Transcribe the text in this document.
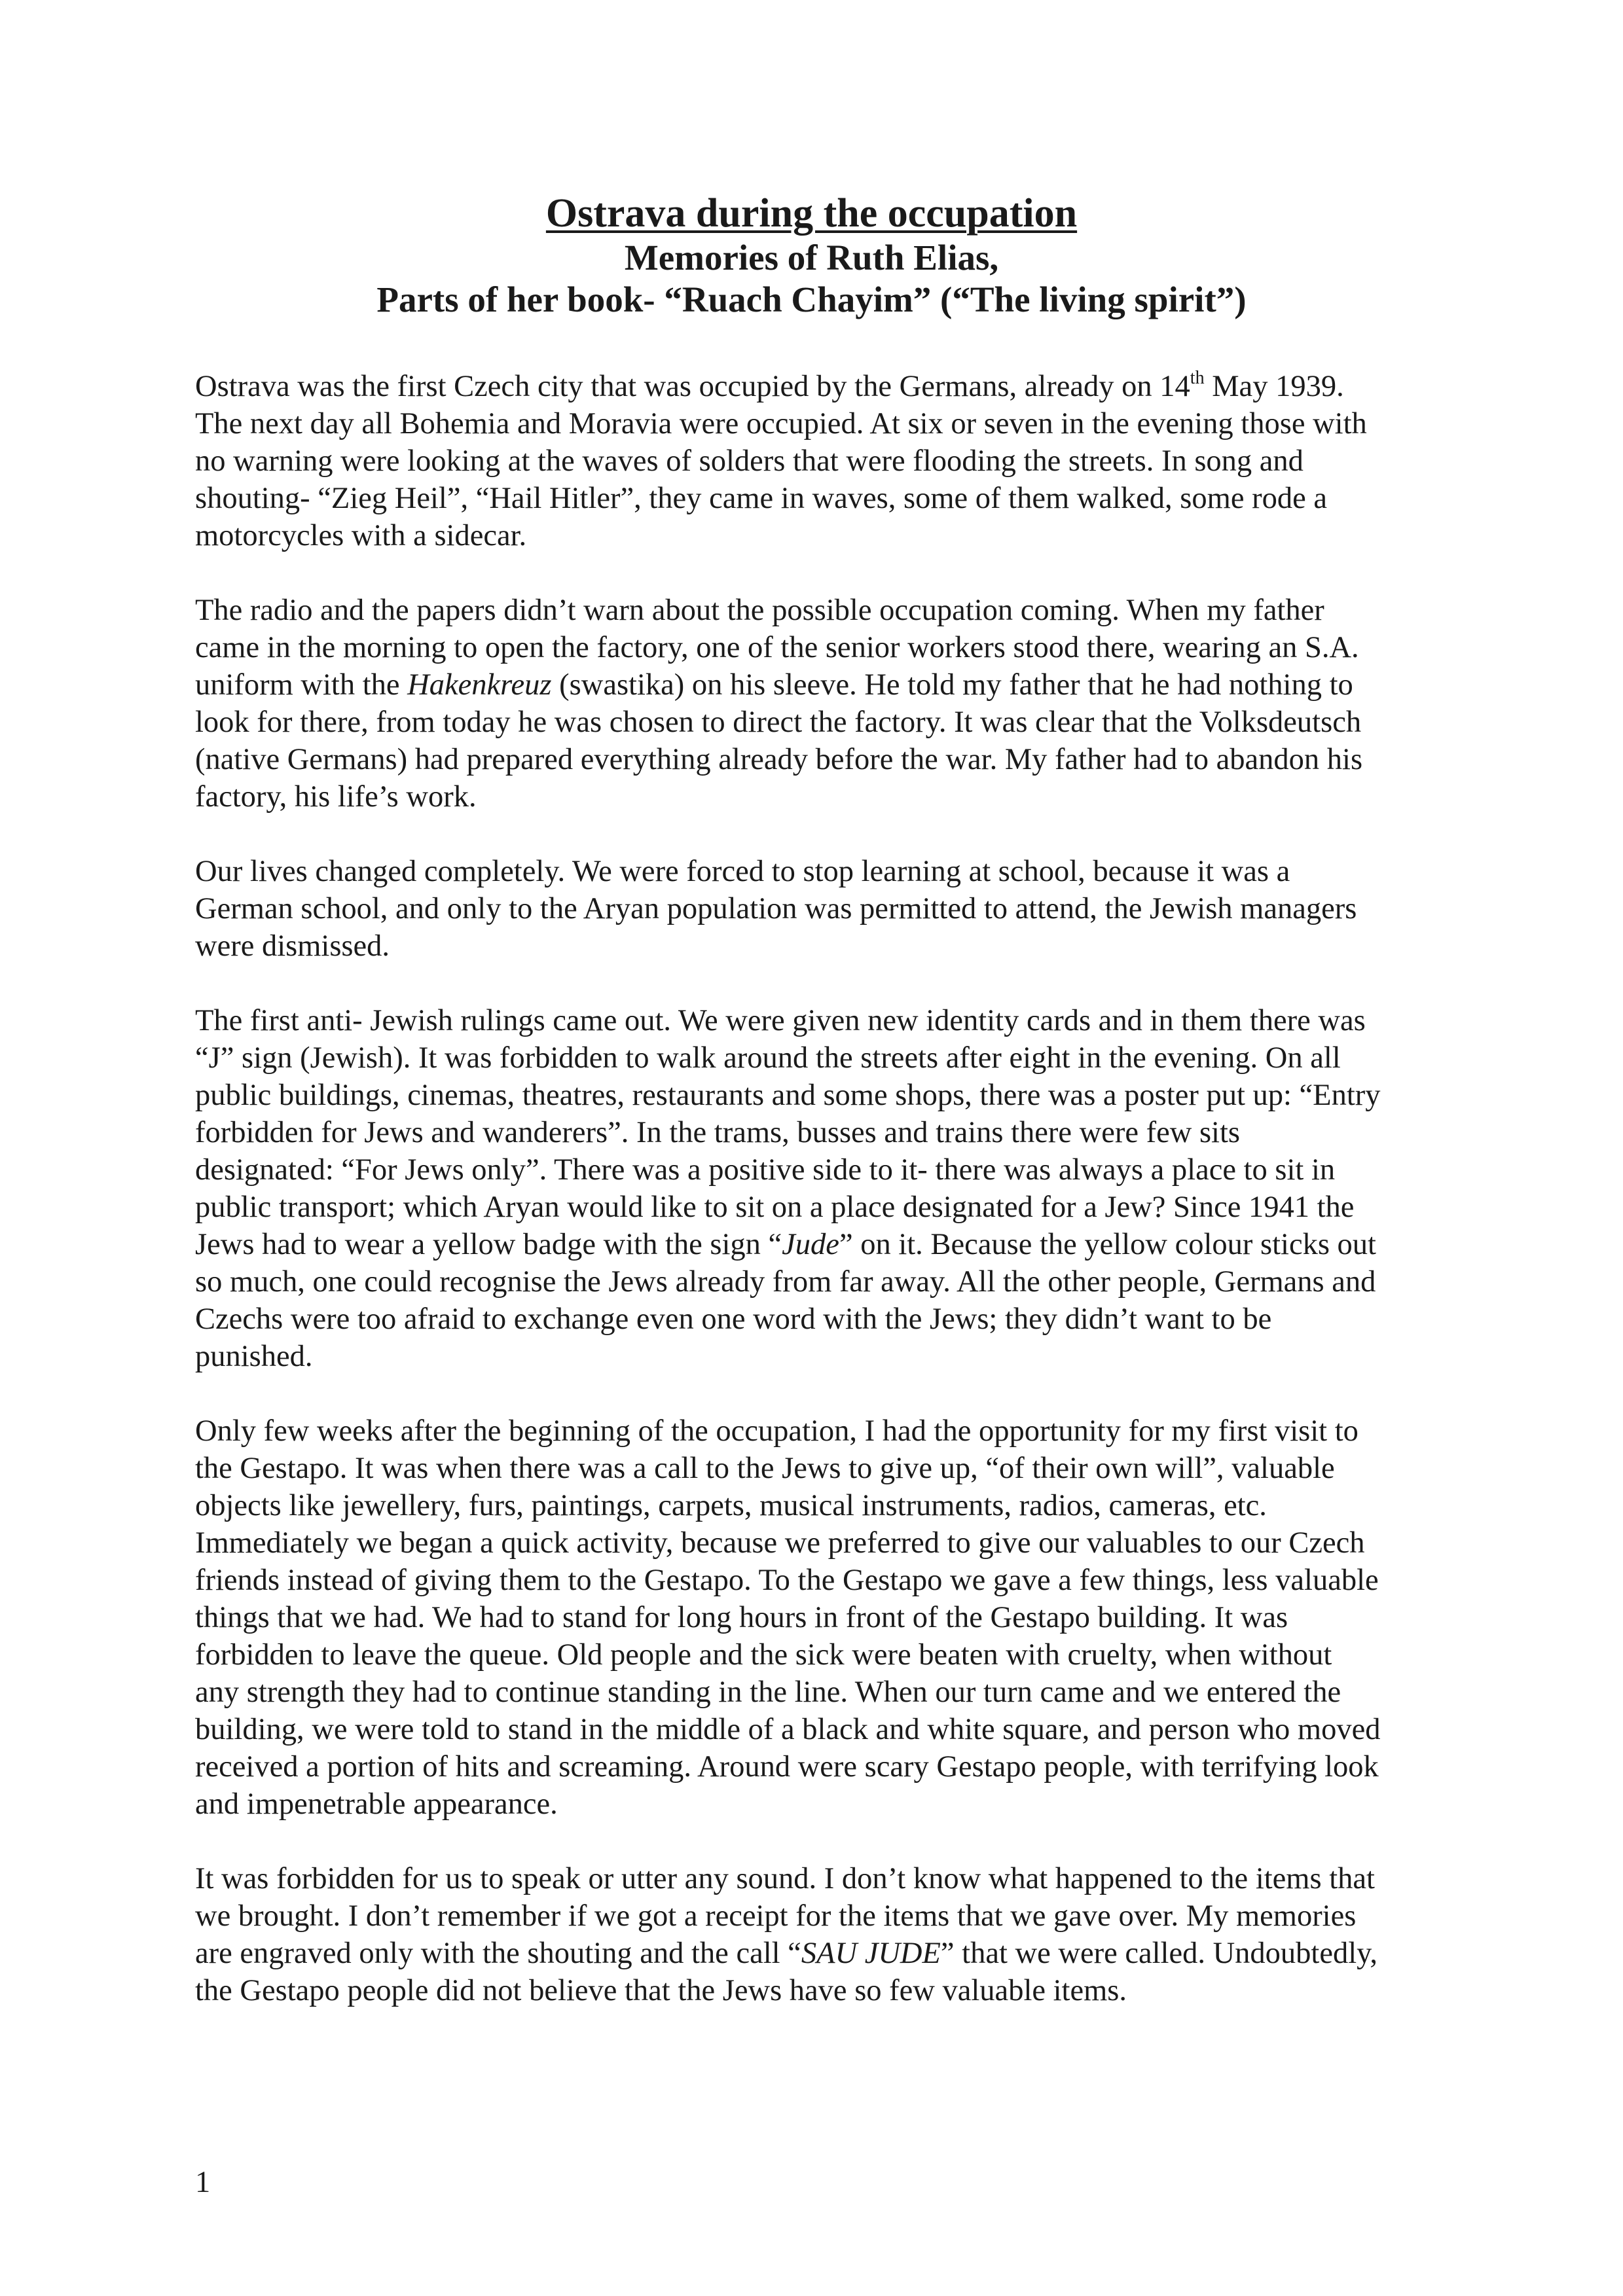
Ostrava during the occupation
Memories of Ruth Elias,
Parts of her book- “Ruach Chayim” (“The living spirit”)
Ostrava was the first Czech city that was occupied by the Germans, already on 14th May 1939.
The next day all Bohemia and Moravia were occupied. At six or seven in the evening those with
no warning were looking at the waves of solders that were flooding the streets. In song and
shouting- “Zieg Heil”, “Hail Hitler”, they came in waves, some of them walked, some rode a
motorcycles with a sidecar.
The radio and the papers didn’t warn about the possible occupation coming. When my father
came in the morning to open the factory, one of the senior workers stood there, wearing an S.A.
uniform with the Hakenkreuz (swastika) on his sleeve. He told my father that he had nothing to
look for there, from today he was chosen to direct the factory. It was clear that the Volksdeutsch
(native Germans) had prepared everything already before the war. My father had to abandon his
factory, his life’s work.
Our lives changed completely. We were forced to stop learning at school, because it was a
German school, and only to the Aryan population was permitted to attend, the Jewish managers
were dismissed.
The first anti- Jewish rulings came out. We were given new identity cards and in them there was
“J” sign (Jewish). It was forbidden to walk around the streets after eight in the evening. On all
public buildings, cinemas, theatres, restaurants and some shops, there was a poster put up: “Entry
forbidden for Jews and wanderers”. In the trams, busses and trains there were few sits
designated: “For Jews only”. There was a positive side to it- there was always a place to sit in
public transport; which Aryan would like to sit on a place designated for a Jew? Since 1941 the
Jews had to wear a yellow badge with the sign “Jude” on it. Because the yellow colour sticks out
so much, one could recognise the Jews already from far away. All the other people, Germans and
Czechs were too afraid to exchange even one word with the Jews; they didn’t want to be
punished.
Only few weeks after the beginning of the occupation, I had the opportunity for my first visit to
the Gestapo. It was when there was a call to the Jews to give up, “of their own will”, valuable
objects like jewellery, furs, paintings, carpets, musical instruments, radios, cameras, etc.
Immediately we began a quick activity, because we preferred to give our valuables to our Czech
friends instead of giving them to the Gestapo. To the Gestapo we gave a few things, less valuable
things that we had. We had to stand for long hours in front of the Gestapo building. It was
forbidden to leave the queue. Old people and the sick were beaten with cruelty, when without
any strength they had to continue standing in the line. When our turn came and we entered the
building, we were told to stand in the middle of a black and white square, and person who moved
received a portion of hits and screaming. Around were scary Gestapo people, with terrifying look
and impenetrable appearance.
It was forbidden for us to speak or utter any sound. I don’t know what happened to the items that
we brought. I don’t remember if we got a receipt for the items that we gave over. My memories
are engraved only with the shouting and the call “SAU JUDE” that we were called. Undoubtedly,
the Gestapo people did not believe that the Jews have so few valuable items.
1
